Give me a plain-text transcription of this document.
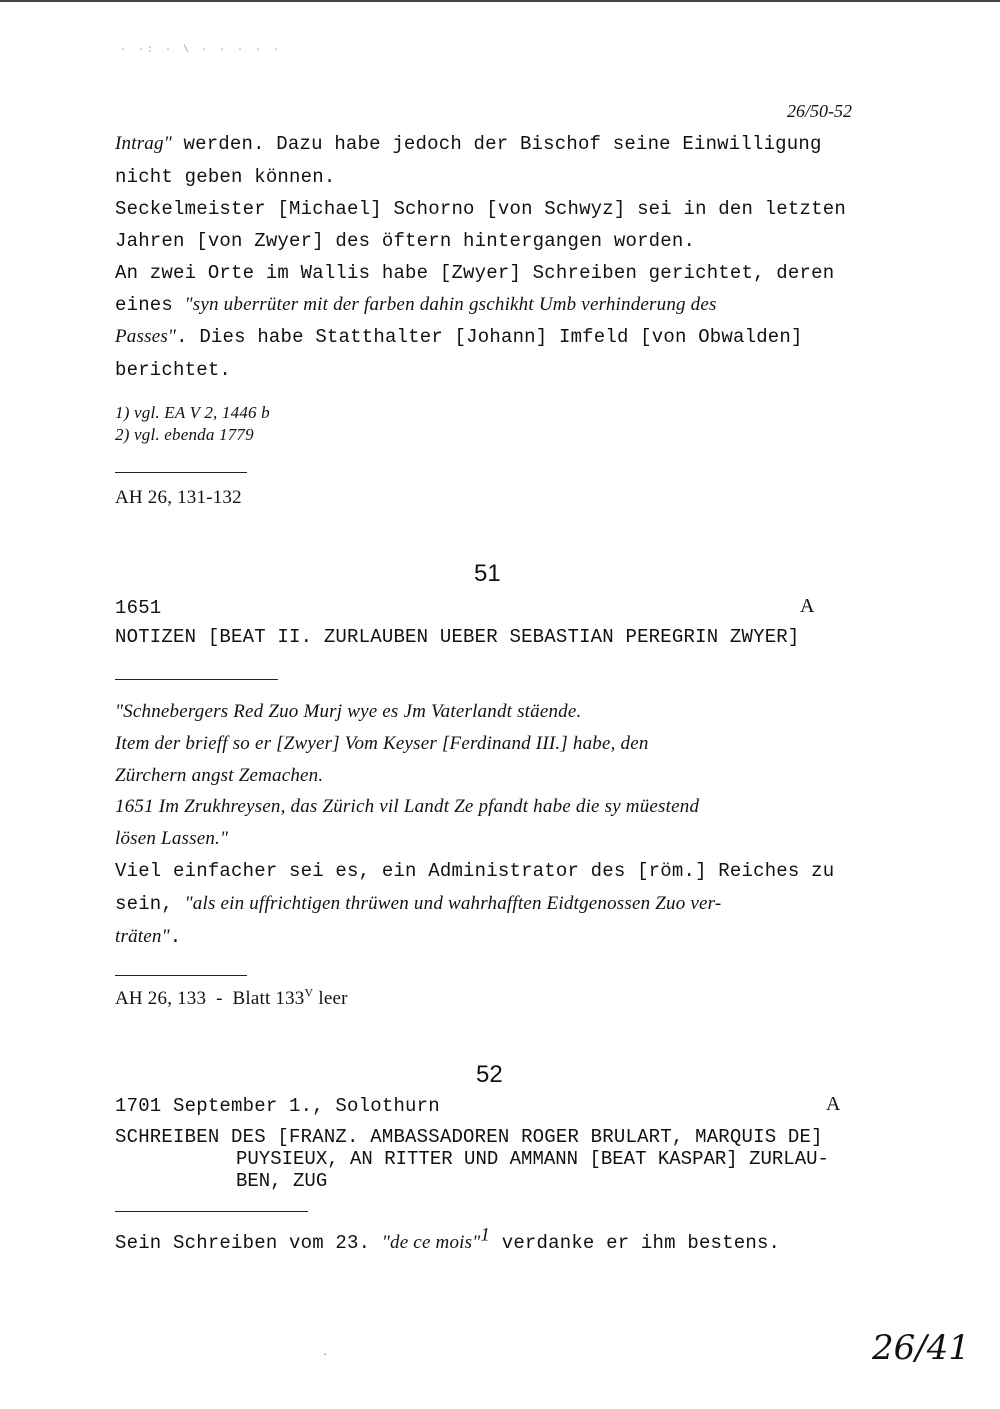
· ·: · \ · · · · ·
26/50-52
Intrag" werden. Dazu habe jedoch der Bischof seine Einwilligung
nicht geben können.
Seckelmeister [Michael] Schorno [von Schwyz] sei in den letzten
Jahren [von Zwyer] des öftern hintergangen worden.
An zwei Orte im Wallis habe [Zwyer] Schreiben gerichtet, deren
eines "syn uberrüter mit der farben dahin gschikht Umb verhinderung des
Passes". Dies habe Statthalter [Johann] Imfeld [von Obwalden]
berichtet.
1) vgl. EA V 2, 1446 b
2) vgl. ebenda 1779
AH 26, 131-132
51
1651	A
NOTIZEN [BEAT II. ZURLAUBEN UEBER SEBASTIAN PEREGRIN ZWYER]
"Schnebergers Red Zuo Murj wye es Jm Vaterlandt stäende.
Item der brieff so er [Zwyer] Vom Keyser [Ferdinand III.] habe, den
Zürchern angst Zemachen.
1651 Im Zrukhreysen, das Zürich vil Landt Ze pfandt habe die sy müestend
lösen Lassen."
Viel einfacher sei es, ein Administrator des [röm.] Reiches zu
sein, "als ein uffrichtigen thrüwen und wahrhafften Eidtgenossen Zuo ver-
träten".
AH 26, 133  -  Blatt $133^V$ leer
52
1701 September 1., Solothurn	A
SCHREIBEN DES [FRANZ. AMBASSADOREN ROGER BRULART, MARQUIS DE]
PUYSIEUX, AN RITTER UND AMMANN [BEAT KASPAR] ZURLAU-
BEN, ZUG
Sein Schreiben vom 23. "de ce mois"$^1$ verdanke er ihm bestens.
·	26/41
